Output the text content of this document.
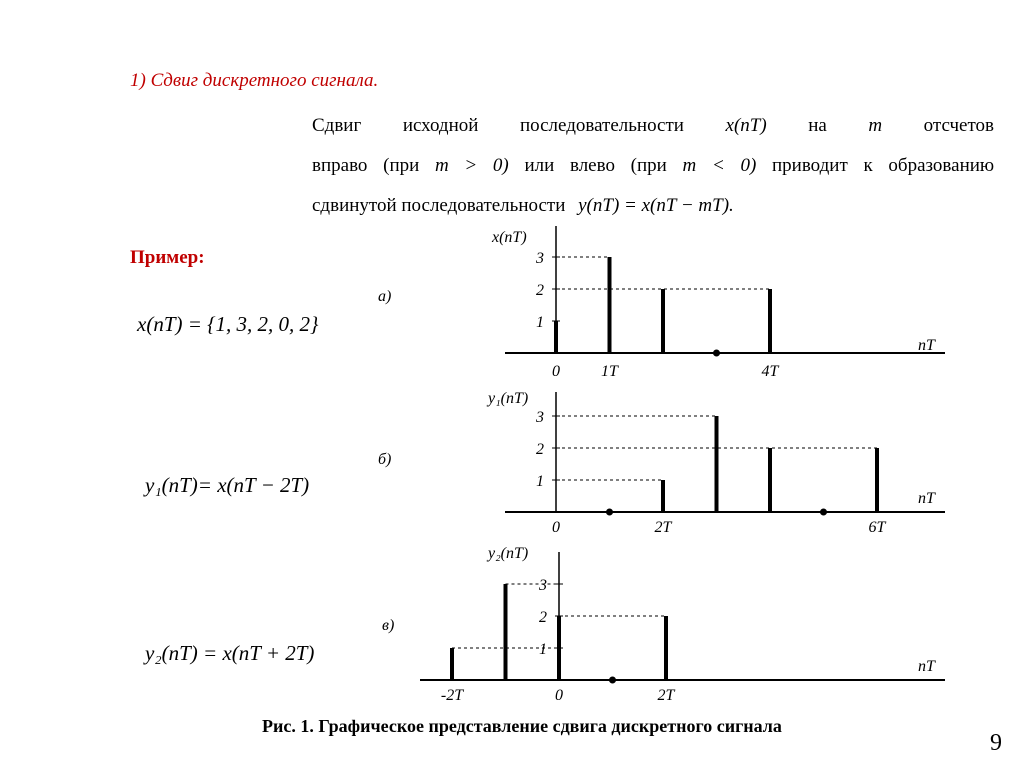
1) Сдвиг дискретного сигнала.
Сдвиг исходной последовательности x(nT) на m отсчетов
вправо (при m > 0) или влево (при m < 0) приводит к образованию
сдвинутой последовательности y(nT) = x(nT − mT).
Пример:
x(nT) = {1, 3, 2, 0, 2}
y₁(nT)= x(nT − 2T)
y₂(nT) = x(nT + 2T)
а)
б)
в)
x(nT)
nT
1
2
3
0	1T	4T
y₁(nT)
nT
1
2
3
0	2T	6T
y₂(nT)
nT
1
2
3
-2T	0	2T
Рис. 1. Графическое представление сдвига дискретного сигнала
9
